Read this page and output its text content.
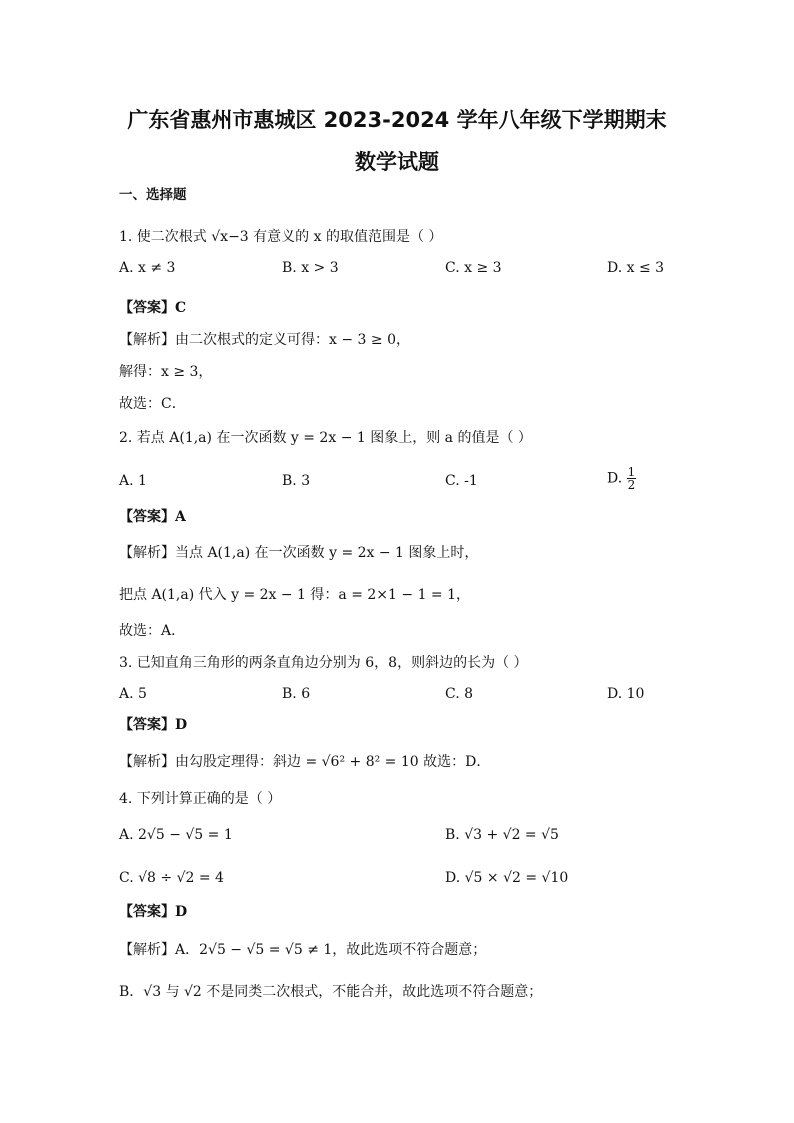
广东省惠州市惠城区 2023-2024 学年八年级下学期期末
数学试题
一、选择题
1. 使二次根式 √x−3 有意义的 x 的取值范围是（ ）
A. x ≠ 3	B. x > 3	C. x ≥ 3	D. x ≤ 3
【答案】C
【解析】由二次根式的定义可得：x − 3 ≥ 0，
解得：x ≥ 3，
故选：C．
2. 若点 A(1,a) 在一次函数 y = 2x − 1 图象上，则 a 的值是（ ）
A. 1	B. 3	C. -1	D. $\frac{1}{2}$
【答案】A
【解析】当点 A(1,a) 在一次函数 y = 2x − 1 图象上时，
把点 A(1,a) 代入 y = 2x − 1 得：a = 2×1 − 1 = 1，
故选：A．
3. 已知直角三角形的两条直角边分别为 6，8，则斜边的长为（ ）
A. 5	B. 6	C. 8	D. 10
【答案】D
【解析】由勾股定理得：斜边 = √6² + 8² = 10 故选：D．
4. 下列计算正确的是（ ）
A. 2√5 − √5 = 1	B. √3 + √2 = √5
C. √8 ÷ √2 = 4	D. √5 × √2 = √10
【答案】D
【解析】A．2√5 − √5 = √5 ≠ 1，故此选项不符合题意；
B．√3 与 √2 不是同类二次根式，不能合并，故此选项不符合题意；
